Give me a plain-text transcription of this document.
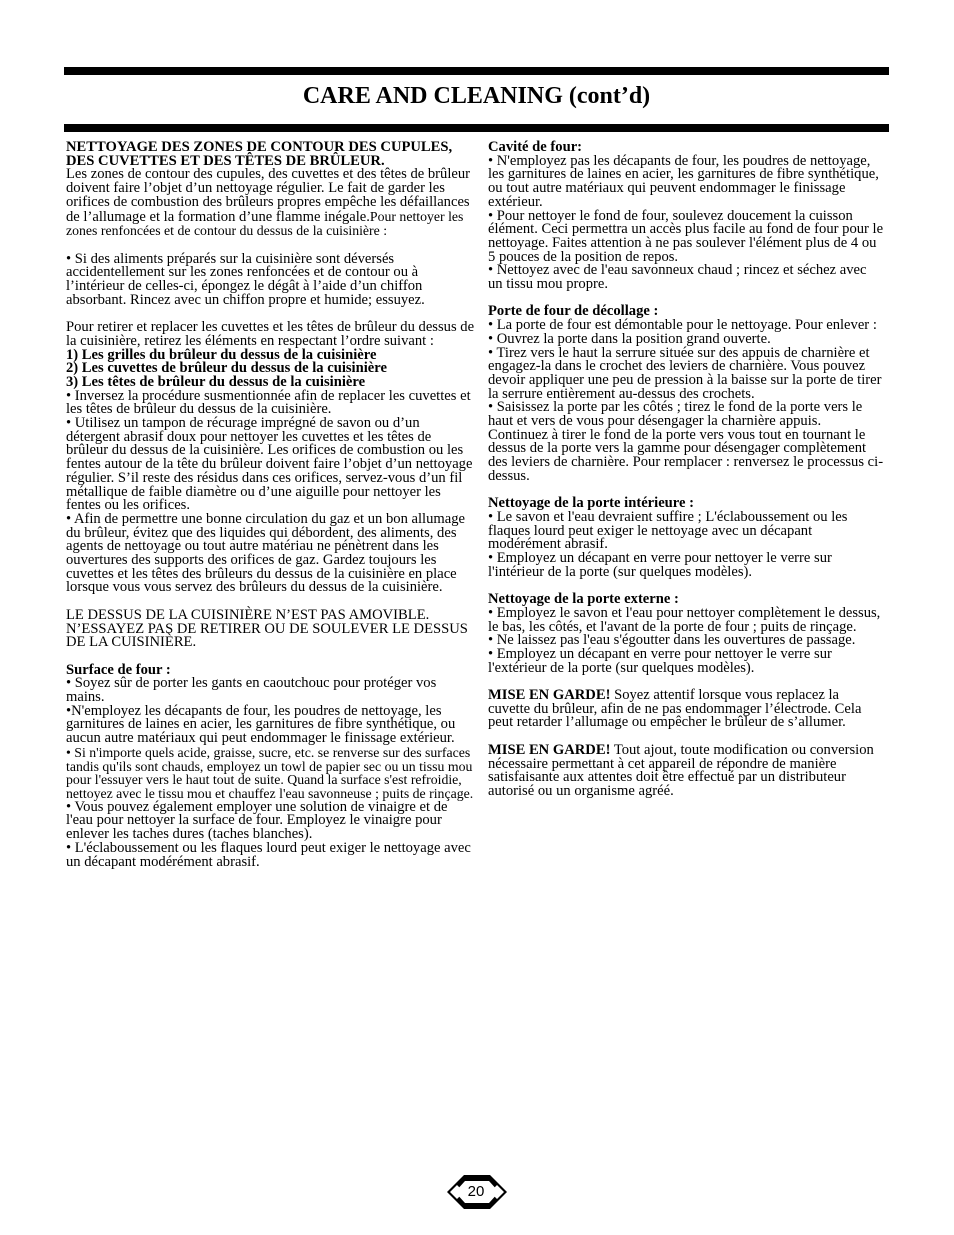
CARE AND CLEANING (cont’d)

NETTOYAGE DES ZONES DE CONTOUR DES CUPULES, DES CUVETTES ET DES TÊTES DE BRÛLEUR.

Les zones de contour des cupules, des cuvettes et des têtes de brûleur doivent faire l’objet d’un nettoyage régulier. Le fait de garder les orifices de combustion des brûleurs propres empêche les défaillances de l’allumage et la formation d’une flamme inégale.Pour nettoyer les zones renfoncées et de contour du dessus de la cuisinière :

• Si des aliments préparés sur la cuisinière sont déversés accidentellement sur les zones renfoncées et de contour ou à l’intérieur de celles-ci, épongez le dégât à l’aide d’un chiffon absorbant. Rincez avec un chiffon propre et humide; essuyez.

Pour retirer et replacer les cuvettes et les têtes de brûleur du dessus de la cuisinière, retirez les éléments en respectant l’ordre suivant :

1) Les grilles du brûleur du dessus de la cuisinière

2) Les cuvettes de brûleur du dessus de la cuisinière

3) Les têtes de brûleur du dessus de la cuisinière

• Inversez la procédure susmentionnée afin de replacer les cuvettes et les têtes de brûleur du dessus de la cuisinière.

• Utilisez un tampon de récurage imprégné de savon ou d’un détergent abrasif doux pour nettoyer les cuvettes et les têtes de brûleur du dessus de la cuisinière. Les orifices de combustion ou les fentes autour de la tête du brûleur doivent faire l’objet d’un nettoyage régulier. S’il reste des résidus dans ces orifices, servez-vous d’un fil métallique de faible diamètre ou d’une aiguille pour nettoyer les fentes ou les orifices.

• Afin de permettre une bonne circulation du gaz et un bon allumage du brûleur, évitez que des liquides qui débordent, des aliments, des agents de nettoyage ou tout autre matériau ne pénètrent dans les ouvertures des supports des orifices de gaz. Gardez toujours les cuvettes et les têtes des brûleurs du dessus de la cuisinière en place lorsque vous vous servez des brûleurs du dessus de la cuisinière.

LE DESSUS DE LA CUISINIÈRE N’EST PAS AMOVIBLE. N’ESSAYEZ PAS DE RETIRER OU DE SOULEVER LE DESSUS DE LA CUISINIÈRE.

Surface de four :

• Soyez sûr de porter les gants en caoutchouc pour protéger vos mains.

•N'employez les décapants de four, les poudres de nettoyage, les garnitures de laines en acier, les garnitures de fibre synthétique, ou aucun autre matériaux qui peut endommager le finissage extérieur.

• Si n'importe quels acide, graisse, sucre, etc. se renverse sur des surfaces tandis qu'ils sont chauds, employez un towl de papier sec ou un tissu mou pour l'essuyer vers le haut tout de suite. Quand la surface s'est refroidie, nettoyez avec le tissu mou et chauffez l'eau savonneuse ; puits de rinçage.

• Vous pouvez également employer une solution de vinaigre et de l'eau pour nettoyer la surface de four. Employez le vinaigre pour enlever les taches dures (taches blanches).

• L'éclaboussement ou les flaques lourd peut exiger le nettoyage avec un décapant modérément abrasif.

Cavité de four:

• N'employez pas les décapants de four, les poudres de nettoyage, les garnitures de laines en acier, les garnitures de fibre synthétique, ou tout autre matériaux qui peuvent endommager le finissage extérieur.

• Pour nettoyer le fond de four, soulevez doucement la cuisson élément. Ceci permettra un accès plus facile au fond de four pour le nettoyage. Faites attention à ne pas soulever l'élément plus de 4 ou 5 pouces de la position de repos.

• Nettoyez avec de l'eau savonneux chaud ; rincez et séchez avec un tissu mou propre.

Porte de four de décollage :

• La porte de four est démontable pour le nettoyage. Pour enlever :

• Ouvrez la porte dans la position grand ouverte.

• Tirez vers le haut la serrure située sur des appuis de charnière et engagez-la dans le crochet des leviers de charnière. Vous pouvez devoir appliquer une peu de pression à la baisse sur la porte de tirer la serrure entièrement au-dessus des crochets.

• Saisissez la porte par les côtés ; tirez le fond de la porte vers le haut et vers de vous pour désengager la charnière appuis. Continuez à tirer le fond de la porte vers vous tout en tournant le dessus de la porte vers la gamme pour désengager complètement des leviers de charnière. Pour remplacer : renversez le processus ci-dessus.

Nettoyage de la porte intérieure :

• Le savon et l'eau devraient suffire ; L'éclaboussement ou les flaques lourd peut exiger le nettoyage avec un décapant modérément abrasif.

• Employez un décapant en verre pour nettoyer le verre sur l'intérieur de la porte (sur quelques modèles).

Nettoyage de la porte externe :

• Employez le savon et l'eau pour nettoyer complètement le dessus, le bas, les côtés, et l'avant de la porte de four ; puits de rinçage.

• Ne laissez pas l'eau s'égoutter dans les ouvertures de passage.

• Employez un décapant en verre pour nettoyer le verre sur l'extérieur de la porte (sur quelques modèles).

MISE EN GARDE! Soyez attentif lorsque vous replacez la cuvette du brûleur, afin de ne pas endommager l’électrode. Cela peut retarder l’allumage ou empêcher le brûleur de s’allumer.

MISE EN GARDE! Tout ajout, toute modification ou conversion nécessaire permettant à cet appareil de répondre de manière satisfaisante aux attentes doit être effectué par un distributeur autorisé ou un organisme agréé.

20
